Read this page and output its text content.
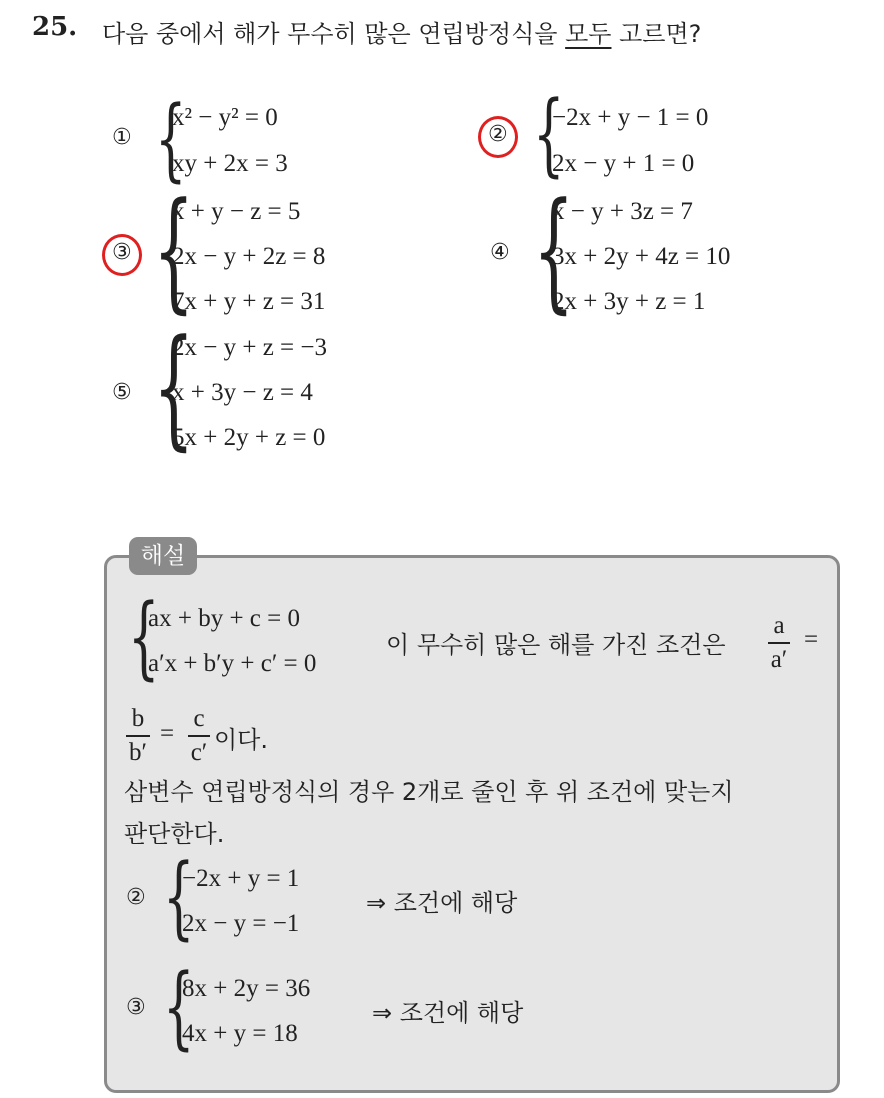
25. 다음 중에서 해가 무수히 많은 연립방정식을 모두 고르면?
① {
x² − y² = 0
xy + 2x = 3
② {
−2x + y − 1 = 0
2x − y + 1 = 0
③ {
x + y − z = 5
2x − y + 2z = 8
7x + y + z = 31
④ {
x − y + 3z = 7
3x + 2y + 4z = 10
2x + 3y + z = 1
⑤ {
2x − y + z = −3
x + 3y − z = 4
5x + 2y + z = 0
해설
{
ax + by + c = 0
a′x + b′y + c′ = 0
이 무수히 많은 해를 가진 조건은
a
a′
=
b
b′
=
c
c′ 이다.
삼변수 연립방정식의 경우 2개로 줄인 후 위 조건에 맞는지
판단한다.
② {
−2x + y = 1
2x − y = −1
⇒ 조건에 해당
③ {
8x + 2y = 36
4x + y = 18
⇒ 조건에 해당
